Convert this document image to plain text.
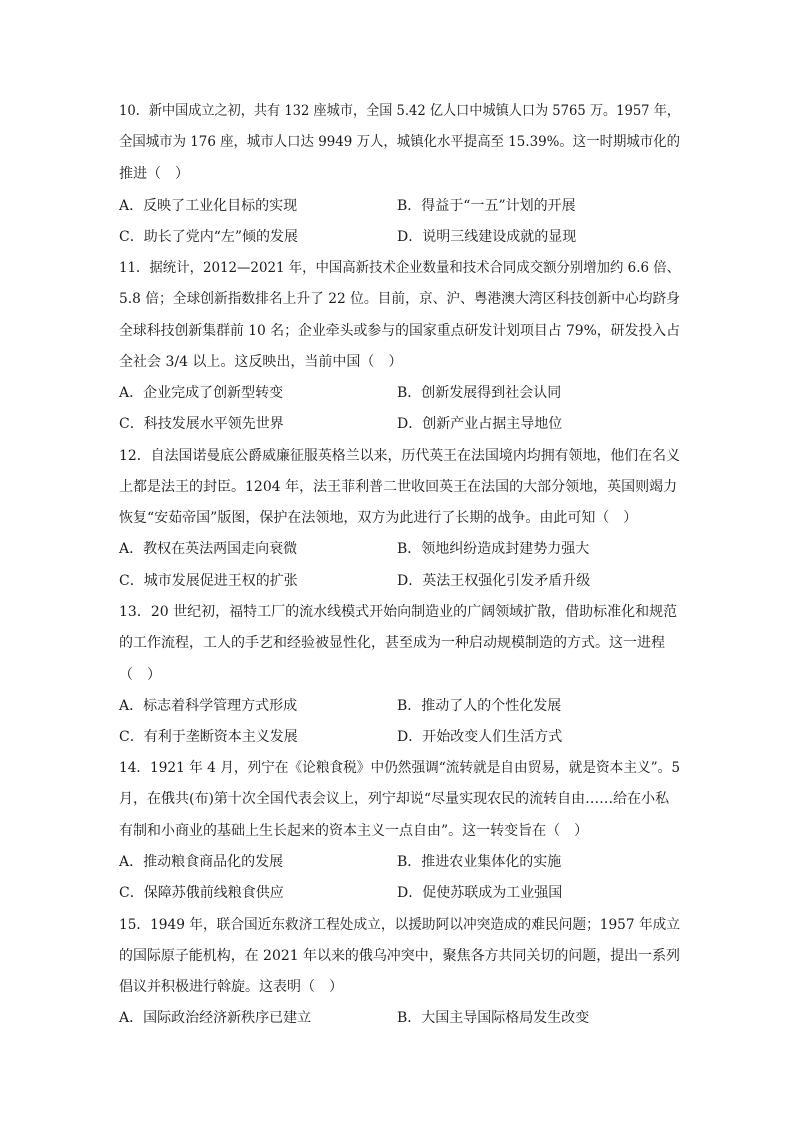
10．新中国成立之初，共有 132 座城市，全国 5.42 亿人口中城镇人口为 5765 万。1957 年，
全国城市为 176 座，城市人口达 9949 万人，城镇化水平提高至 15.39%。这一时期城市化的
推进（　）
A．反映了工业化目标的实现	B．得益于“一五”计划的开展
C．助长了党内“左”倾的发展	D．说明三线建设成就的显现
11．据统计，2012—2021 年，中国高新技术企业数量和技术合同成交额分别增加约 6.6 倍、
5.8 倍；全球创新指数排名上升了 22 位。目前，京、沪、粤港澳大湾区科技创新中心均跻身
全球科技创新集群前 10 名；企业牵头或参与的国家重点研发计划项目占 79%，研发投入占
全社会 3/4 以上。这反映出，当前中国（　）
A．企业完成了创新型转变	B．创新发展得到社会认同
C．科技发展水平领先世界	D．创新产业占据主导地位
12．自法国诺曼底公爵威廉征服英格兰以来，历代英王在法国境内均拥有领地，他们在名义
上都是法王的封臣。1204 年，法王菲利普二世收回英王在法国的大部分领地，英国则竭力
恢复“安茹帝国”版图，保护在法领地，双方为此进行了长期的战争。由此可知（　）
A．教权在英法两国走向衰微	B．领地纠纷造成封建势力强大
C．城市发展促进王权的扩张	D．英法王权强化引发矛盾升级
13．20 世纪初，福特工厂的流水线模式开始向制造业的广阔领域扩散，借助标准化和规范
的工作流程，工人的手艺和经验被显性化，甚至成为一种启动规模制造的方式。这一进程
（　）
A．标志着科学管理方式形成	B．推动了人的个性化发展
C．有利于垄断资本主义发展	D．开始改变人们生活方式
14．1921 年 4 月，列宁在《论粮食税》中仍然强调“流转就是自由贸易，就是资本主义”。5
月，在俄共(布)第十次全国代表会议上，列宁却说“尽量实现农民的流转自由……给在小私
有制和小商业的基础上生长起来的资本主义一点自由”。这一转变旨在（　）
A．推动粮食商品化的发展	B．推进农业集体化的实施
C．保障苏俄前线粮食供应	D．促使苏联成为工业强国
15．1949 年，联合国近东救济工程处成立，以援助阿以冲突造成的难民问题；1957 年成立
的国际原子能机构，在 2021 年以来的俄乌冲突中，聚焦各方共同关切的问题，提出一系列
倡议并积极进行斡旋。这表明（　）
A．国际政治经济新秩序已建立	B．大国主导国际格局发生改变
